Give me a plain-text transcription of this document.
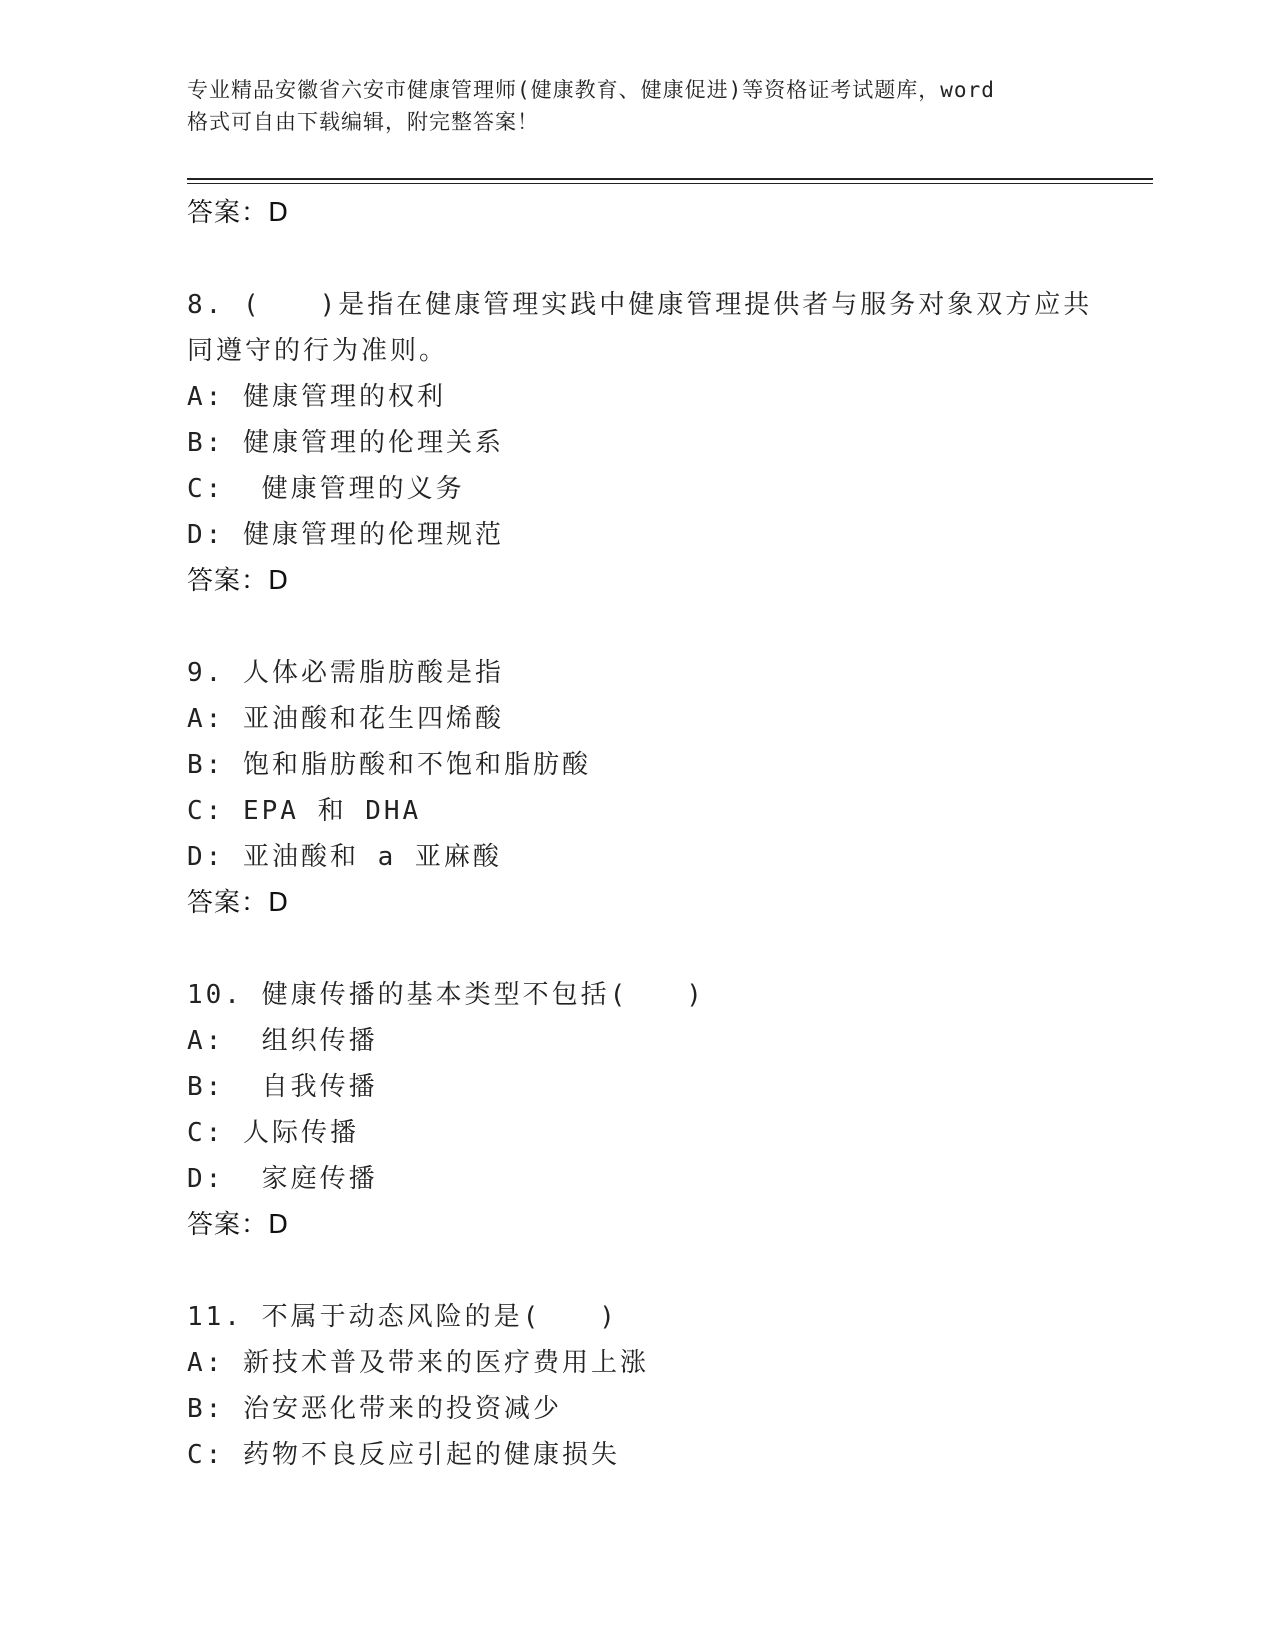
专业精品安徽省六安市健康管理师(健康教育、健康促进)等资格证考试题库，word
格式可自由下载编辑，附完整答案！
答案：D
8. (　　)是指在健康管理实践中健康管理提供者与服务对象双方应共
同遵守的行为准则。
A: 健康管理的权利
B: 健康管理的伦理关系
C:  健康管理的义务
D: 健康管理的伦理规范
答案：D
9. 人体必需脂肪酸是指
A: 亚油酸和花生四烯酸
B: 饱和脂肪酸和不饱和脂肪酸
C: EPA 和 DHA
D: 亚油酸和 a 亚麻酸
答案：D
10. 健康传播的基本类型不包括(　　)
A:  组织传播
B:  自我传播
C: 人际传播
D:  家庭传播
答案：D
11. 不属于动态风险的是(　　)
A: 新技术普及带来的医疗费用上涨
B: 治安恶化带来的投资减少
C: 药物不良反应引起的健康损失
